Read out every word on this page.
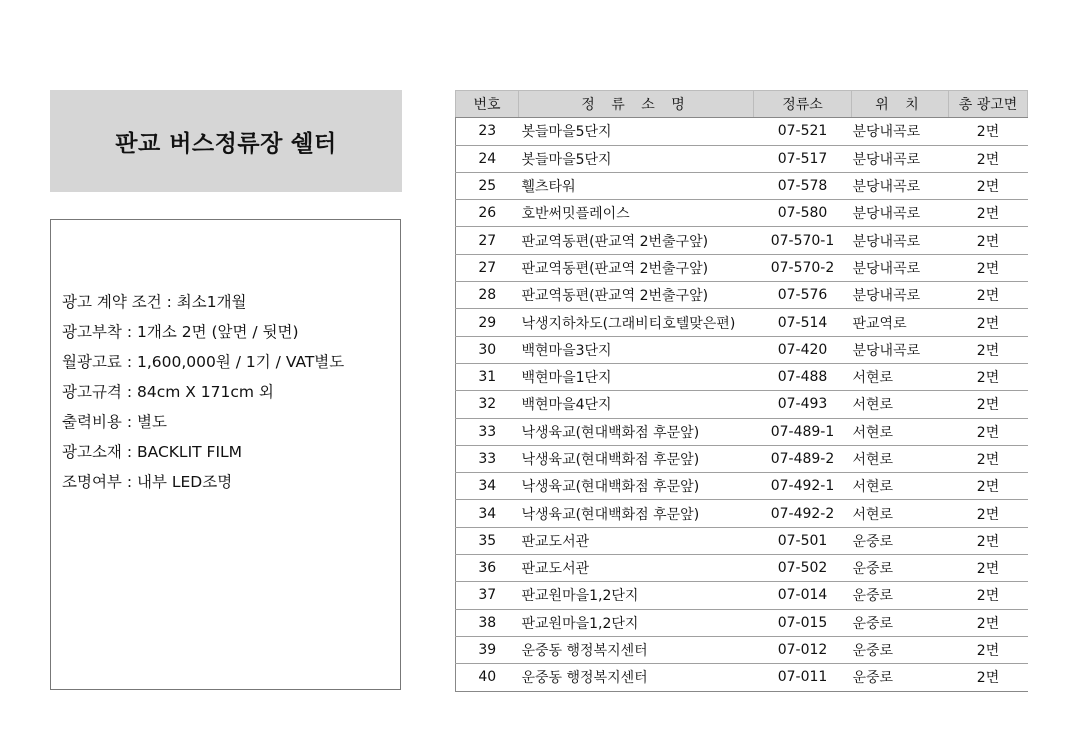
판교 버스정류장 쉘터
광고 계약 조건 : 최소1개월
광고부착 : 1개소 2면 (앞면 / 뒷면)
월광고료 : 1,600,000원 / 1기 / VAT별도
광고규격 : 84cm X 171cm 외
출력비용 : 별도
광고소재 : BACKLIT FILM
조명여부 : 내부 LED조명
번호	정 류 소 명	정류소	위 치	총 광고면
23	봇들마을5단지	07-521	분당내곡로	2면
24	봇들마을5단지	07-517	분당내곡로	2면
25	휄츠타워	07-578	분당내곡로	2면
26	호반써밋플레이스	07-580	분당내곡로	2면
27	판교역동편(판교역 2번출구앞)	07-570-1	분당내곡로	2면
27	판교역동편(판교역 2번출구앞)	07-570-2	분당내곡로	2면
28	판교역동편(판교역 2번출구앞)	07-576	분당내곡로	2면
29	낙생지하차도(그래비티호텔맞은편)	07-514	판교역로	2면
30	백현마을3단지	07-420	분당내곡로	2면
31	백현마을1단지	07-488	서현로	2면
32	백현마을4단지	07-493	서현로	2면
33	낙생육교(현대백화점 후문앞)	07-489-1	서현로	2면
33	낙생육교(현대백화점 후문앞)	07-489-2	서현로	2면
34	낙생육교(현대백화점 후문앞)	07-492-1	서현로	2면
34	낙생육교(현대백화점 후문앞)	07-492-2	서현로	2면
35	판교도서관	07-501	운중로	2면
36	판교도서관	07-502	운중로	2면
37	판교원마을1,2단지	07-014	운중로	2면
38	판교원마을1,2단지	07-015	운중로	2면
39	운중동 행정복지센터	07-012	운중로	2면
40	운중동 행정복지센터	07-011	운중로	2면
